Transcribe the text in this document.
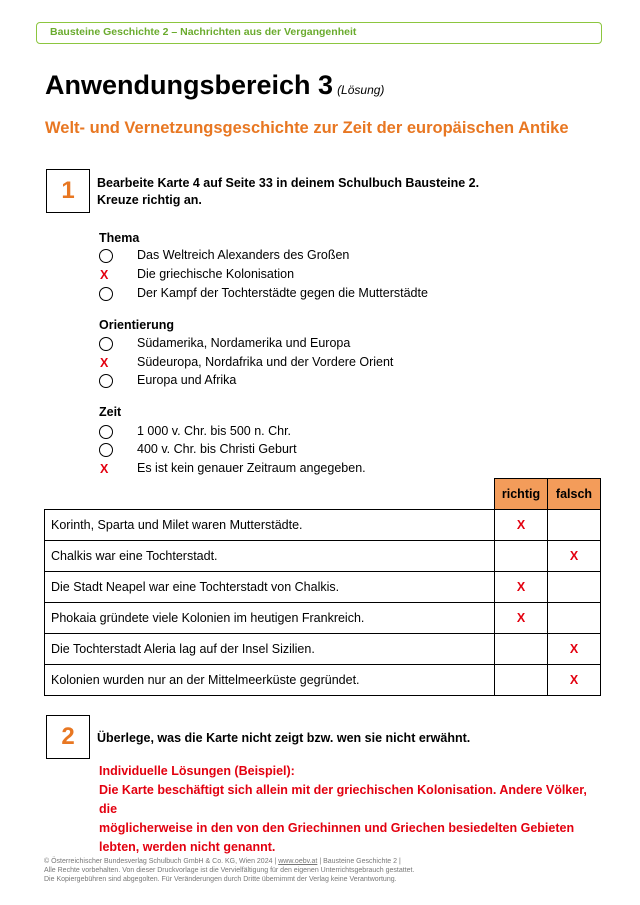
Bausteine Geschichte 2 – Nachrichten aus der Vergangenheit
Anwendungsbereich 3 (Lösung)
Welt- und Vernetzungsgeschichte zur Zeit der europäischen Antike
1	Bearbeite Karte 4 auf Seite 33 in deinem Schulbuch Bausteine 2.
Kreuze richtig an.
Thema
Das Weltreich Alexanders des Großen
X	Die griechische Kolonisation
Der Kampf der Tochterstädte gegen die Mutterstädte
Orientierung
Südamerika, Nordamerika und Europa
X	Südeuropa, Nordafrika und der Vordere Orient
Europa und Afrika
Zeit
1 000 v. Chr. bis 500 n. Chr.
400 v. Chr. bis Christi Geburt
X	Es ist kein genauer Zeitraum angegeben.
	richtig	falsch
Korinth, Sparta und Milet waren Mutterstädte.	X	
Chalkis war eine Tochterstadt.		X
Die Stadt Neapel war eine Tochterstadt von Chalkis.	X	
Phokaia gründete viele Kolonien im heutigen Frankreich.	X	
Die Tochterstadt Aleria lag auf der Insel Sizilien.		X
Kolonien wurden nur an der Mittelmeerküste gegründet.		X
2	Überlege, was die Karte nicht zeigt bzw. wen sie nicht erwähnt.
Individuelle Lösungen (Beispiel):
Die Karte beschäftigt sich allein mit der griechischen Kolonisation. Andere Völker, die
möglicherweise in den von den Griechinnen und Griechen besiedelten Gebieten
lebten, werden nicht genannt.
© Österreichischer Bundesverlag Schulbuch GmbH & Co. KG, Wien 2024 | www.oebv.at | Bausteine Geschichte 2 |
Alle Rechte vorbehalten. Von dieser Druckvorlage ist die Vervielfältigung für den eigenen Unterrichtsgebrauch gestattet.
Die Kopiergebühren sind abgegolten. Für Veränderungen durch Dritte übernimmt der Verlag keine Verantwortung.
